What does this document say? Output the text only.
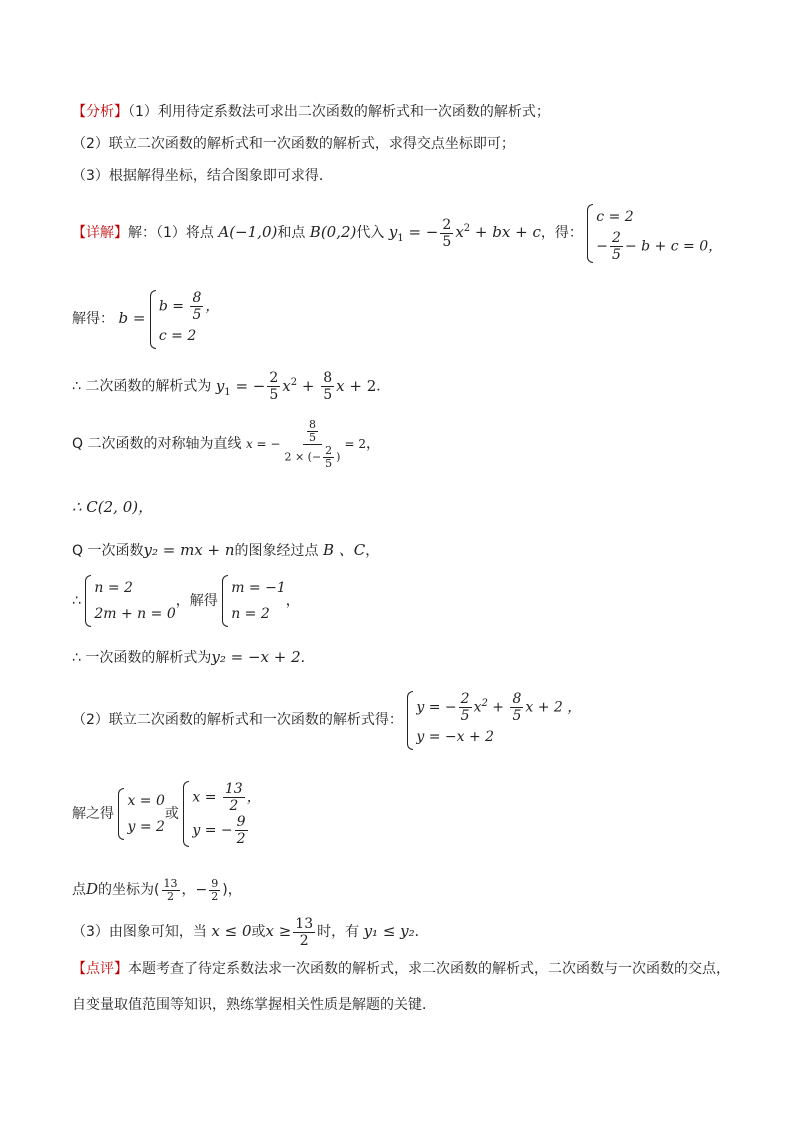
【分析】（1）利用待定系数法可求出二次函数的解析式和一次函数的解析式；
（2）联立二次函数的解析式和一次函数的解析式，求得交点坐标即可；
（3）根据解得坐标，结合图象即可求得．
【详解】解：（1）将点 A(−1,0)和点 B(0,2)代入 $y_1$ = − $\frac{2}{5} x^2$ + bx + c，得：
c = 2
− $\frac{2}{5} - b + c = 0$，
解得： b =
$b = \frac{8}{5}$ ，
c = 2
∴ 二次函数的解析式为 $y_1$ = − $\frac{2}{5} x^2 + \frac{8}{5}$ x + 2．
Q 二次函数的对称轴为直线 x = − $\frac{\frac{8}{5}}{2 \times (- \frac{2}{5} )} = 2$，
∴ C(2, 0)，
Q 一次函数y₂ = mx + n的图象经过点 B 、C，
∴
n = 2
2m + n = 0
，解得
m = −1
n = 2
，
∴ 一次函数的解析式为y₂ = −x + 2．
（2）联立二次函数的解析式和一次函数的解析式得：
y = − $\frac{2}{5} x^2 + \frac{8}{5}$ x + 2 ，
y = −x + 2
解之得
x = 0
y = 2
或
$x = \frac{13}{2}$ ，
y = − $\frac{9}{2}$
点D的坐标为( $\frac{13}{2}$ ，− $\frac{9}{2}$ )，
（3）由图象可知，当 x ≤ 0或$x \ge \frac{13}{2}$ 时，有 y₁ ≤ y₂．
【点评】本题考查了待定系数法求一次函数的解析式，求二次函数的解析式，二次函数与一次函数的交点，
自变量取值范围等知识，熟练掌握相关性质是解题的关键．
